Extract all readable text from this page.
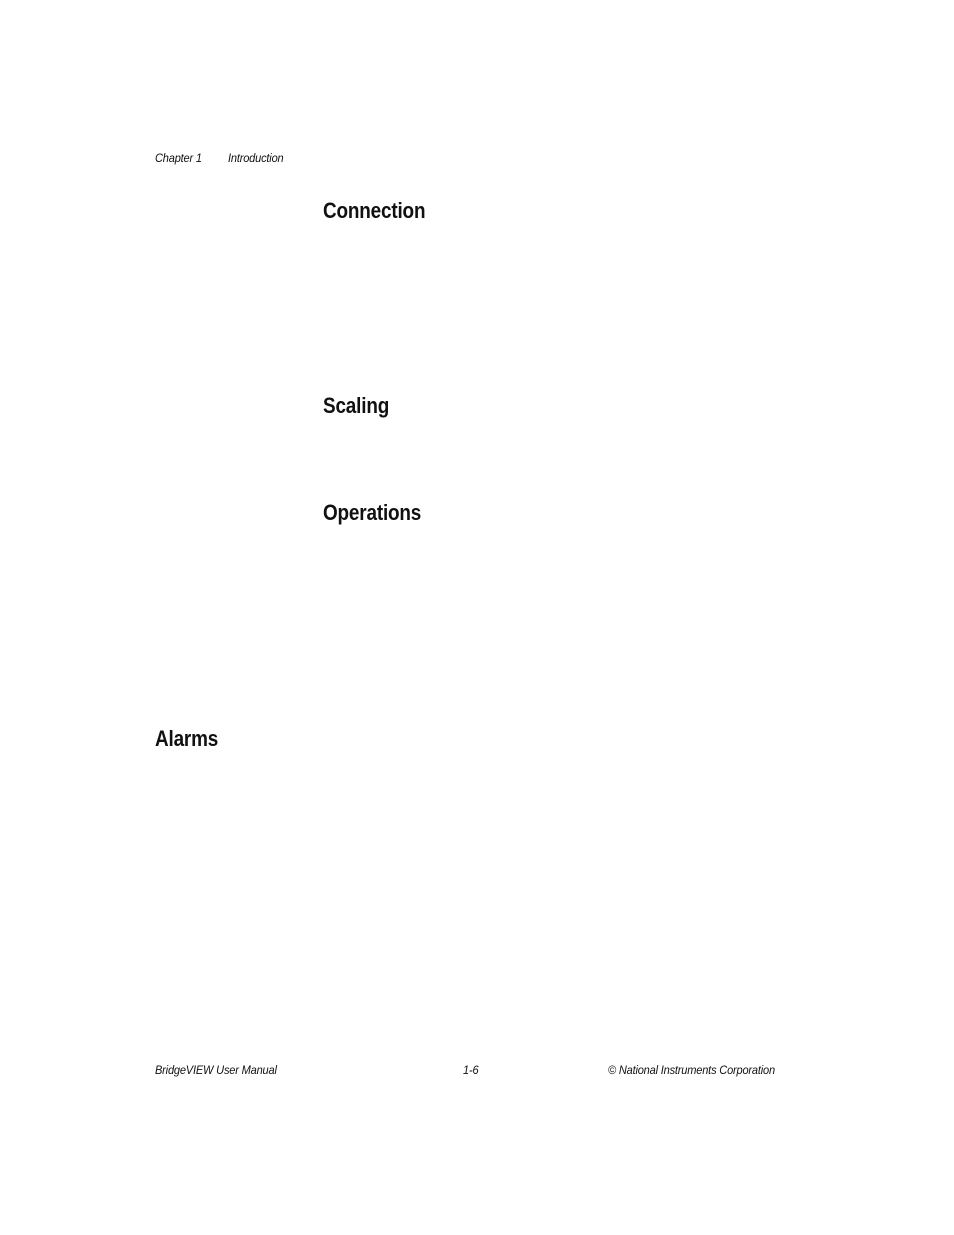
Chapter 1 Introduction
Connection
Scaling
Operations
Alarms
BridgeVIEW User Manual	1-6	© National Instruments Corporation
